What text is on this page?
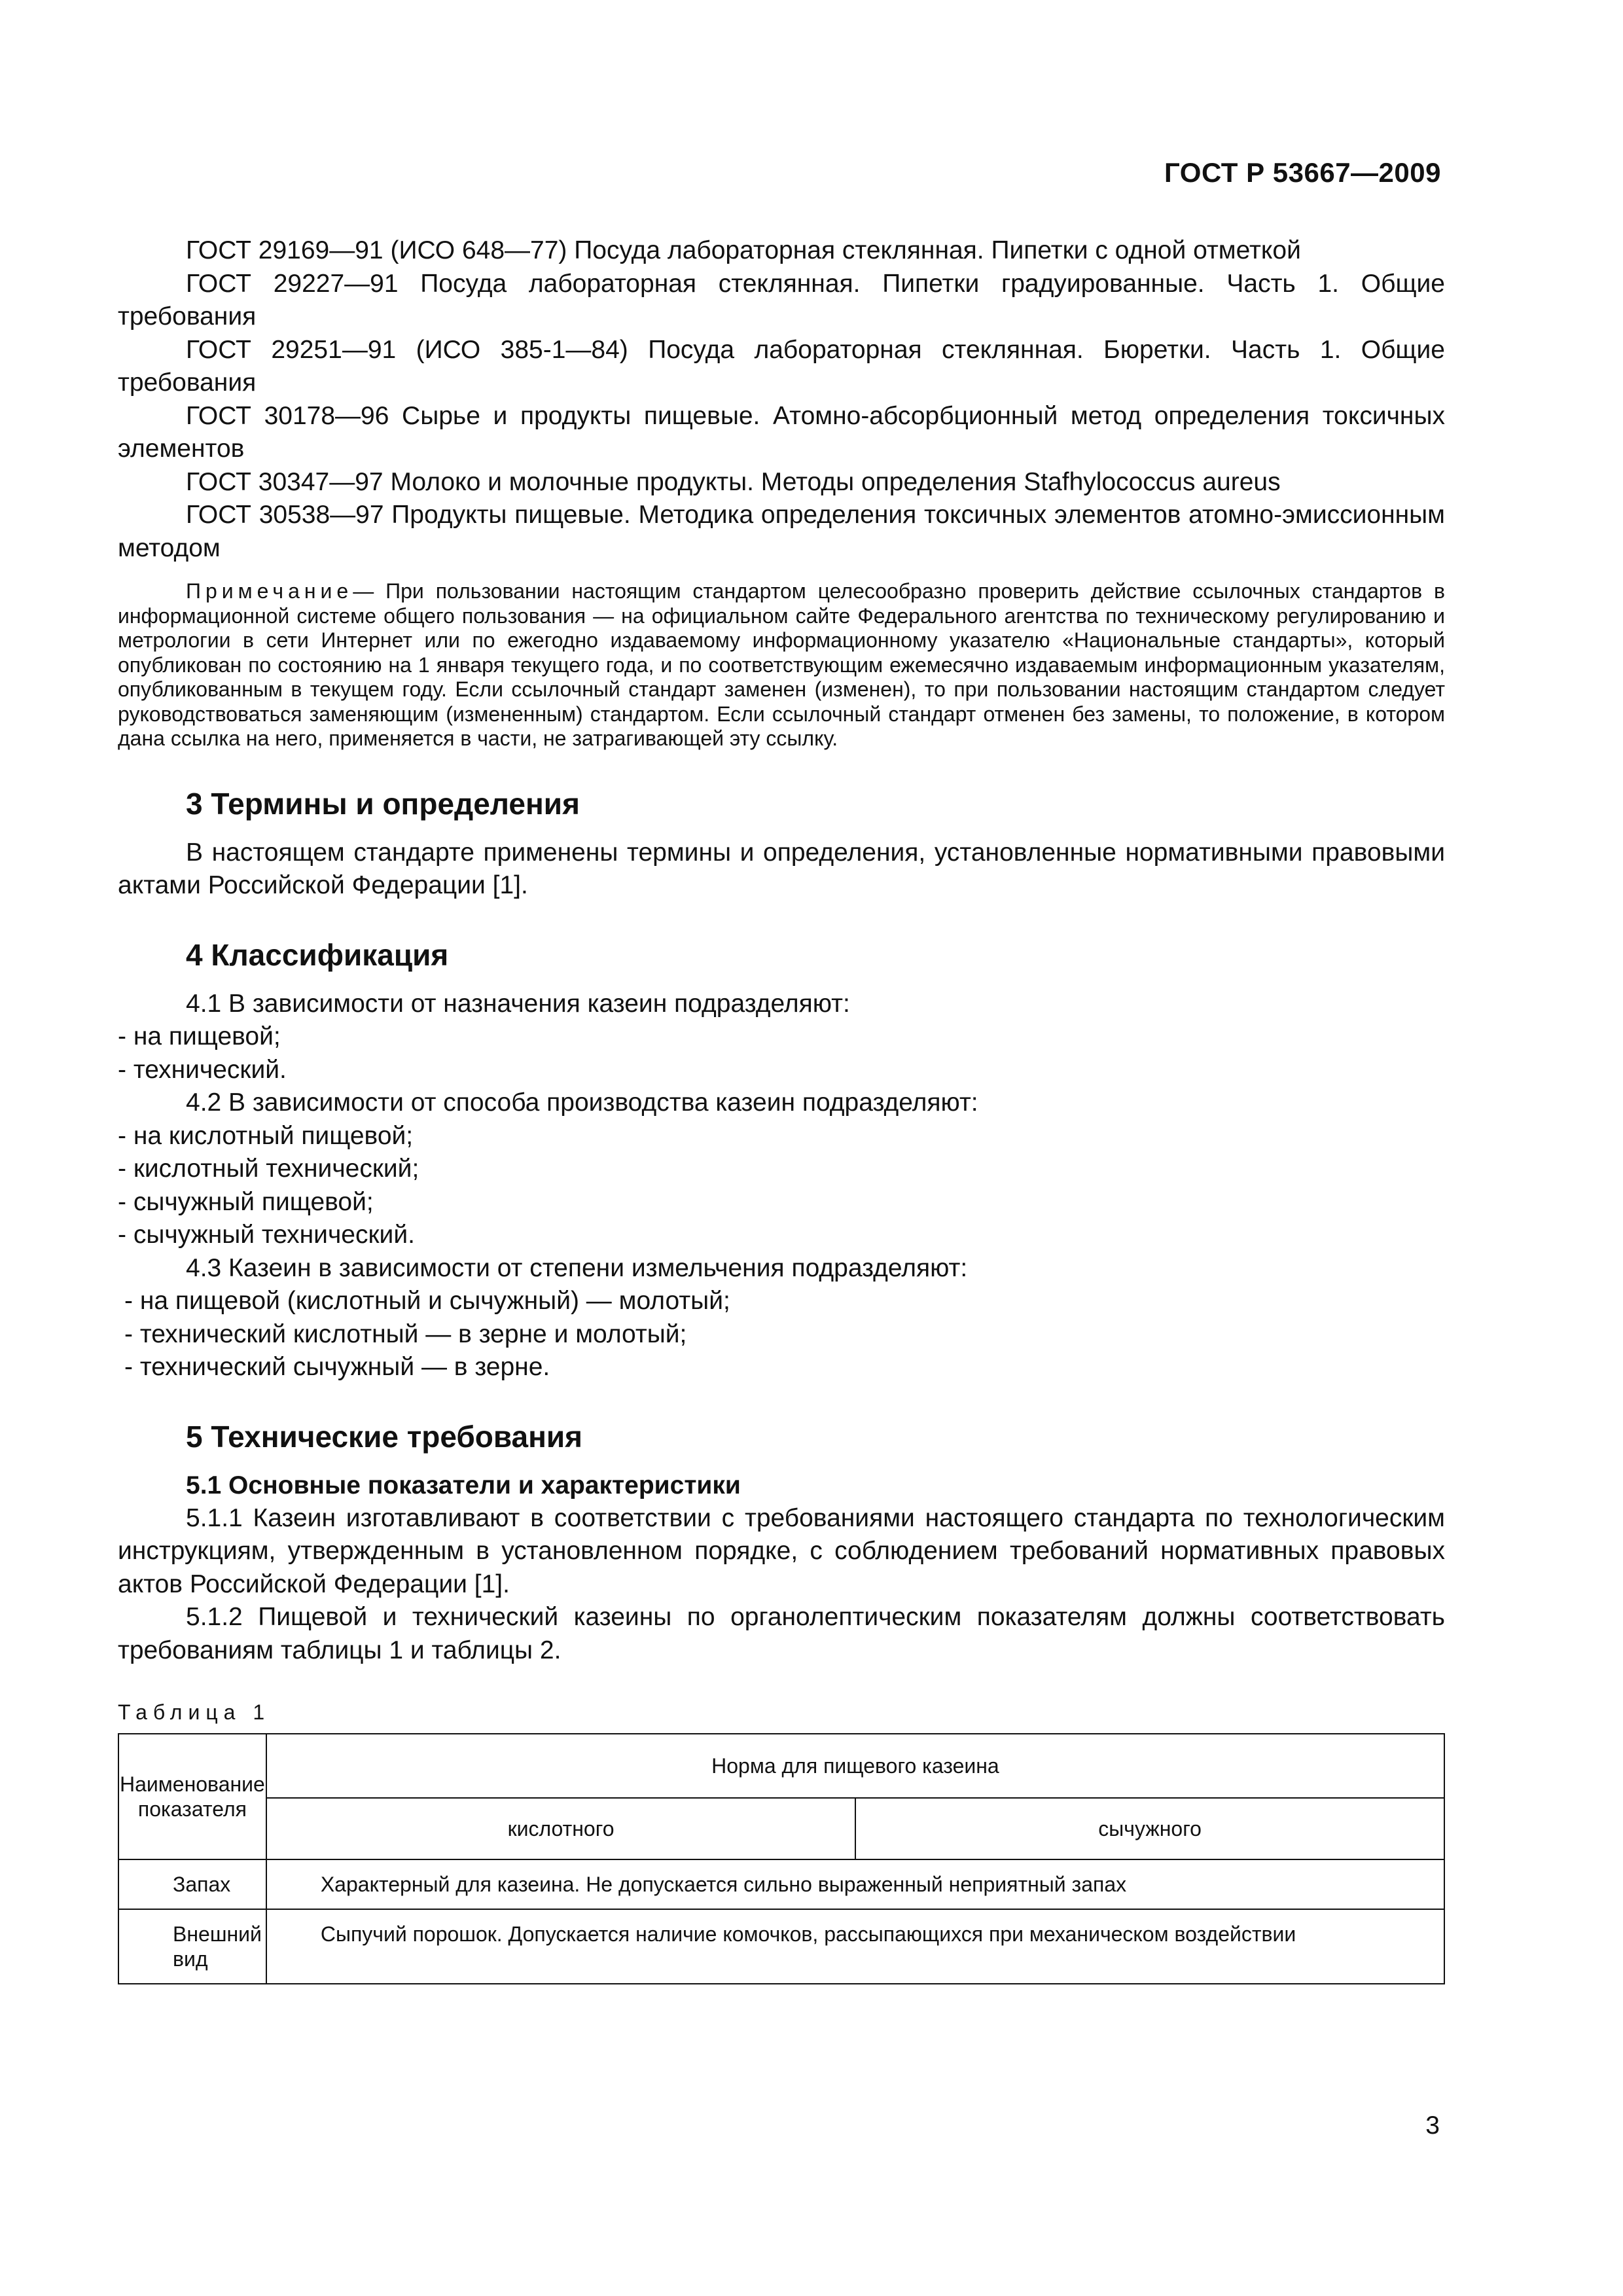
ГОСТ Р 53667—2009

ГОСТ 29169—91 (ИСО 648—77) Посуда лабораторная стеклянная. Пипетки с одной отметкой

ГОСТ 29227—91 Посуда лабораторная стеклянная. Пипетки градуированные. Часть 1. Общие требования

ГОСТ 29251—91 (ИСО 385-1—84) Посуда лабораторная стеклянная. Бюретки. Часть 1. Общие требования

ГОСТ 30178—96 Сырье и продукты пищевые. Атомно-абсорбционный метод определения токсичных элементов

ГОСТ 30347—97 Молоко и молочные продукты. Методы определения Stafhylococcus aureus

ГОСТ 30538—97 Продукты пищевые. Методика определения токсичных элементов атомно-эмиссионным методом

Примечание— При пользовании настоящим стандартом целесообразно проверить действие ссылочных стандартов в информационной системе общего пользования — на официальном сайте Федерального агентства по техническому регулированию и метрологии в сети Интернет или по ежегодно издаваемому информационному указателю «Национальные стандарты», который опубликован по состоянию на 1 января текущего года, и по соответствующим ежемесячно издаваемым информационным указателям, опубликованным в текущем году. Если ссылочный стандарт заменен (изменен), то при пользовании настоящим стандартом следует руководствоваться заменяющим (измененным) стандартом. Если ссылочный стандарт отменен без замены, то положение, в котором дана ссылка на него, применяется в части, не затрагивающей эту ссылку.

3 Термины и определения

В настоящем стандарте применены термины и определения, установленные нормативными правовыми актами Российской Федерации [1].

4 Классификация

4.1 В зависимости от назначения казеин подразделяют:

- на пищевой;

- технический.

4.2 В зависимости от способа производства казеин подразделяют:

- на кислотный пищевой;

- кислотный технический;

- сычужный пищевой;

- сычужный технический.

4.3 Казеин в зависимости от степени измельчения подразделяют:

- на пищевой (кислотный и сычужный) — молотый;

- технический кислотный — в зерне и молотый;

- технический сычужный — в зерне.

5 Технические требования
5.1 Основные показатели и характеристики

5.1.1 Казеин изготавливают в соответствии с требованиями настоящего стандарта по технологическим инструкциям, утвержденным в установленном порядке, с соблюдением требований нормативных правовых актов Российской Федерации [1].

5.1.2 Пищевой и технический казеины по органолептическим показателям должны соответствовать требованиям таблицы 1 и таблицы 2.

Таблица 1
Наименование показателя	Норма для пищевого казеина	
	кислотного	сычужного
Запах	Характерный для казеина. Не допускается сильно выраженный неприятный запах	
Внешний вид	Сыпучий порошок. Допускается наличие комочков, рассыпающихся при механическом воздействии	
3
